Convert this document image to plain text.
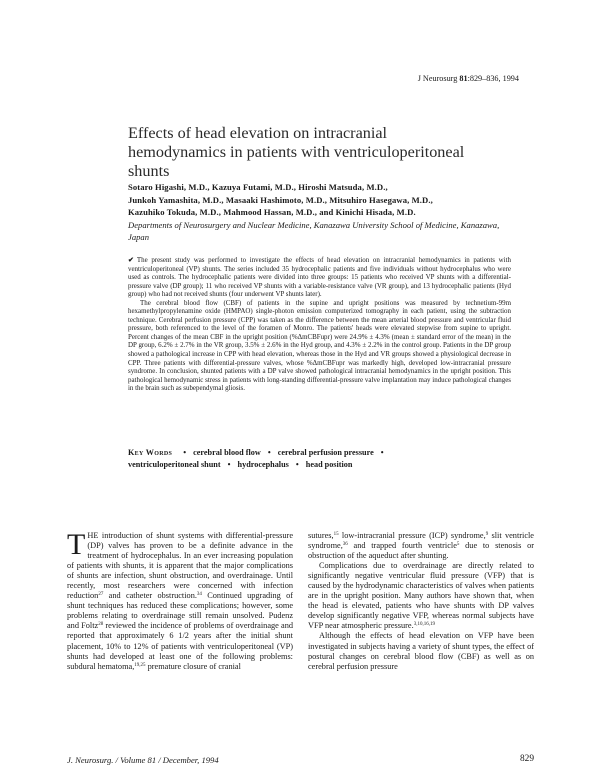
J Neurosurg 81:829–836, 1994
Effects of head elevation on intracranial hemodynamics in patients with ventriculoperitoneal shunts
Sotaro Higashi, M.D., Kazuya Futami, M.D., Hiroshi Matsuda, M.D.,
Junkoh Yamashita, M.D., Masaaki Hashimoto, M.D., Mitsuhiro Hasegawa, M.D.,
Kazuhiko Tokuda, M.D., Mahmood Hassan, M.D., and Kinichi Hisada, M.D.
Departments of Neurosurgery and Nuclear Medicine, Kanazawa University School of Medicine, Kanazawa, Japan

✔ The present study was performed to investigate the effects of head elevation on intracranial hemodynamics in patients with ventriculoperitoneal (VP) shunts. The series included 35 hydrocephalic patients and five individuals without hydrocephalus who were used as controls. The hydrocephalic patients were divided into three groups: 15 patients who received VP shunts with a differential-pressure valve (DP group); 11 who received VP shunts with a variable-resistance valve (VR group), and 13 hydrocephalic patients (Hyd group) who had not received shunts (four underwent VP shunts later).

The cerebral blood flow (CBF) of patients in the supine and upright positions was measured by technetium-99m hexamethylpropylenamine oxide (HMPAO) single-photon emission computerized tomography in each patient, using the subtraction technique. Cerebral perfusion pressure (CPP) was taken as the difference between the mean arterial blood pressure and ventricular fluid pressure, both referenced to the level of the foramen of Monro. The patients' heads were elevated stepwise from supine to upright. Percent changes of the mean CBF in the upright position (%ΔmCBFupr) were 24.9% ± 4.3% (mean ± standard error of the mean) in the DP group, 6.2% ± 2.7% in the VR group, 3.5% ± 2.6% in the Hyd group, and 4.3% ± 2.2% in the control group. Patients in the DP group showed a pathological increase in CPP with head elevation, whereas those in the Hyd and VR groups showed a physiological decrease in CPP. Three patients with differential-pressure valves, whose %ΔmCBFupr was markedly high, developed low-intracranial pressure syndrome. In conclusion, shunted patients with a DP valve showed pathological intracranial hemodynamics in the upright position. This pathological hemodynamic stress in patients with long-standing differential-pressure valve implantation may induce pathological changes in the brain such as subependymal gliosis.

Key Words • cerebral blood flow • cerebral perfusion pressure •
ventriculoperitoneal shunt • hydrocephalus • head position

THE introduction of shunt systems with differential-pressure (DP) valves has proven to be a definite advance in the treatment of hydrocephalus. In an ever increasing population of patients with shunts, it is apparent that the major complications of shunts are infection, shunt obstruction, and overdrainage. Until recently, most researchers were concerned with infection reduction$^{27}$ and catheter obstruction.$^{34}$ Continued upgrading of shunt techniques has reduced these complications; however, some problems relating to overdrainage still remain unsolved. Pudenz and Foltz$^{28}$ reviewed the incidence of problems of overdrainage and reported that approximately 6 1/2 years after the initial shunt placement, 10% to 12% of patients with ventriculoperitoneal (VP) shunts had developed at least one of the following problems: subdural hematoma,$^{19,25}$ premature closure of cranial

sutures,$^{15}$ low-intracranial pressure (ICP) syndrome,$^9$ slit ventricle syndrome,$^{36}$ and trapped fourth ventricle$^5$ due to stenosis or obstruction of the aqueduct after shunting.

Complications due to overdrainage are directly related to significantly negative ventricular fluid pressure (VFP) that is caused by the hydrodynamic characteristics of valves when patients are in the upright position. Many authors have shown that, when the head is elevated, patients who have shunts with DP valves develop significantly negative VFP, whereas normal subjects have VFP near atmospheric pressure.$^{3,10,16,19}$

Although the effects of head elevation on VFP have been investigated in subjects having a variety of shunt types, the effect of postural changes on cerebral blood flow (CBF) as well as on cerebral perfusion pressure

J. Neurosurg. / Volume 81 / December, 1994	829
